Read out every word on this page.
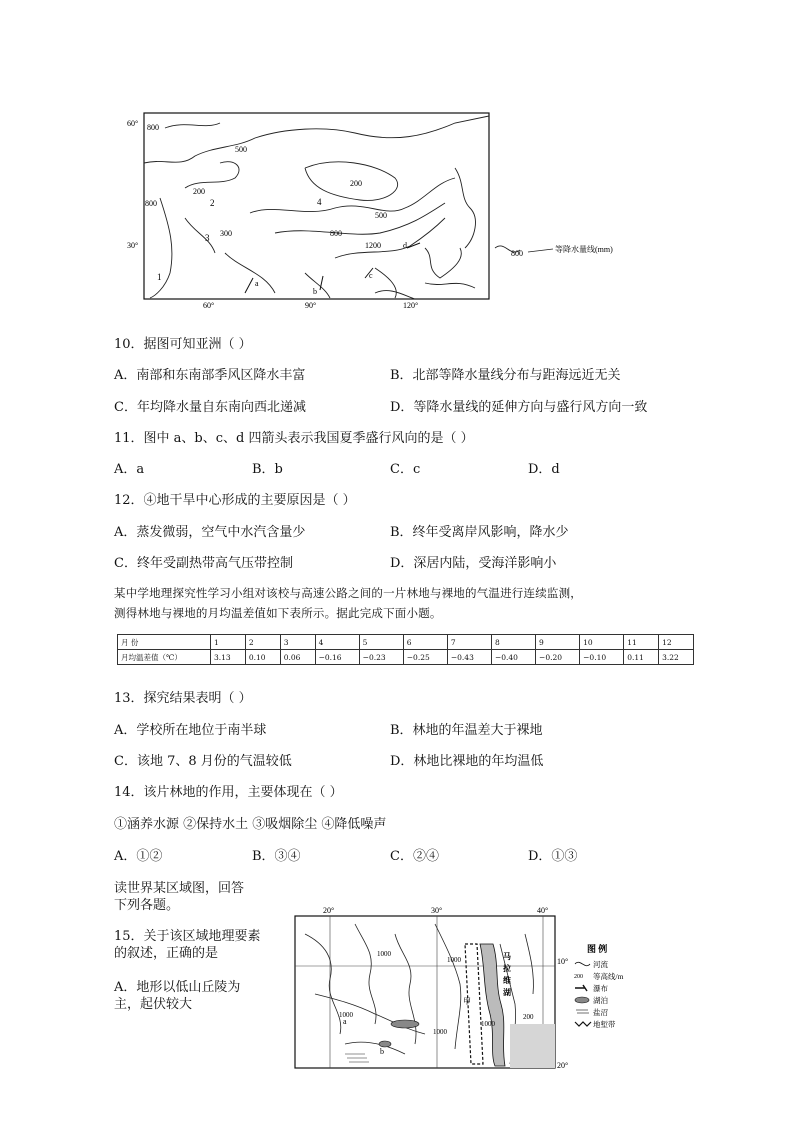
60°
30°
60°	90°	120°
800
500
200
200
500
800
1200
300
800	2
3
4
1
a
b
c
d
800	等降水量线(mm)
10．据图可知亚洲（ ）
A．南部和东南部季风区降水丰富	B．北部等降水量线分布与距海远近无关
C．年均降水量自东南向西北递减	D．等降水量线的延伸方向与盛行风方向一致
11．图中 a、b、c、d 四箭头表示我国夏季盛行风向的是（ ）
A．a	B．b	C．c	D．d
12．④地干旱中心形成的主要原因是（ ）
A．蒸发微弱，空气中水汽含量少	B．终年受离岸风影响，降水少
C．终年受副热带高气压带控制	D．深居内陆，受海洋影响小
某中学地理探究性学习小组对该校与高速公路之间的一片林地与裸地的气温进行连续监测，
测得林地与裸地的月均温差值如下表所示。据此完成下面小题。
月 份	1	2	3	4	5	6	7	8	9	10	11	12
月均温差值（℃）	3.13	0.10	0.06	−0.16	−0.23	−0.25	−0.43	−0.40	−0.20	−0.10	0.11	3.22
13．探究结果表明（ ）
A．学校所在地位于南半球	B．林地的年温差大于裸地
C．该地 7、8 月份的气温较低	D．林地比裸地的年均温低
14．该片林地的作用，主要体现在（ ）
①涵养水源 ②保持水土 ③吸烟除尘 ④降低噪声
A．①②	B．③④	C．②④	D．①③
读世界某区域图，回答
下列各题。
15．关于该区域地理要素
的叙述，正确的是
A．地形以低山丘陵为
主，起伏较大
20°	30°	40°
10°
20°
1000
1000
1000
1000
1000
200
a
b
甲
马
拉
维
湖
图 例
河流
200 等高线/m
瀑布
湖泊
盐沼
地堑带
